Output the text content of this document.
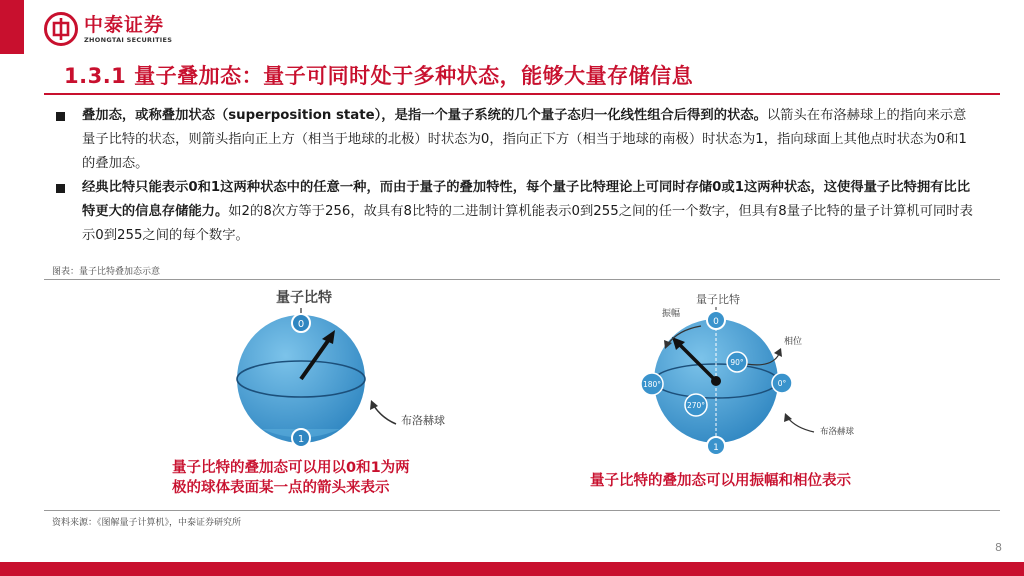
中泰证券
ZHONGTAI SECURITIES
1.3.1 量子叠加态：量子可同时处于多种状态，能够大量存储信息
叠加态，或称叠加状态（superposition state），是指一个量子系统的几个量子态归一化线性组合后得到的状态。以箭头在布洛赫球上的指向来示意量子比特的状态，则箭头指向正上方（相当于地球的北极）时状态为0，指向正下方（相当于地球的南极）时状态为1，指向球面上其他点时状态为0和1的叠加态。
经典比特只能表示0和1这两种状态中的任意一种，而由于量子的叠加特性，每个量子比特理论上可同时存储0或1这两种状态，这使得量子比特拥有比比特更大的信息存储能力。如2的8次方等于256，故具有8比特的二进制计算机能表示0到255之间的任一个数字，但具有8量子比特的量子计算机可同时表示0到255之间的每个数字。
图表：量子比特叠加态示意
量子比特
0
1
布洛赫球
量子比特
振幅
相位
0
1
90°
180°	0°
270°
布洛赫球
量子比特的叠加态可以用以0和1为两
极的球体表面某一点的箭头来表示	量子比特的叠加态可以用振幅和相位表示
资料来源：《图解量子计算机》，中泰证券研究所
8
